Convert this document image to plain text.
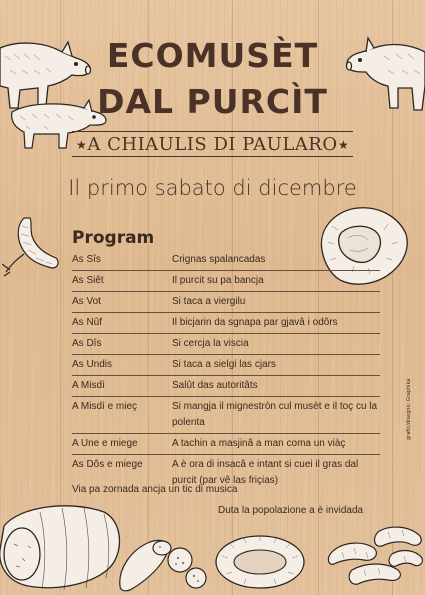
ECOMUSÈT
DAL PURCÌT
★ A CHIAULIS DI PAULARO ★
Il primo sabato di dicembre
Program
As Sîs	Crignas spalancadas
As Siêt	Il purcit su pa bancja
As Vot	Si taca a viergilu
As Nûf	Il bicjarin da sgnapa par gjavâ i odôrs
As Dîs	Si cercja la viscia
As Undis	Si taca a sielgi las cjars
A Misdì	Salût das autoritâts
A Misdì e mieç	Si mangja il mignestròn cul musèt e il toç cu la polenta
A Une e miege	A tachin a masjinâ a man coma un viàç
As Dôs e miege	A è ora di insacâ e intant si cuei il gras dal purcit (par vê las friçias)
Via pa zornada ancja un tic di musica
Duta la popolazione a è invidada
grafic/disegno: Graphika
